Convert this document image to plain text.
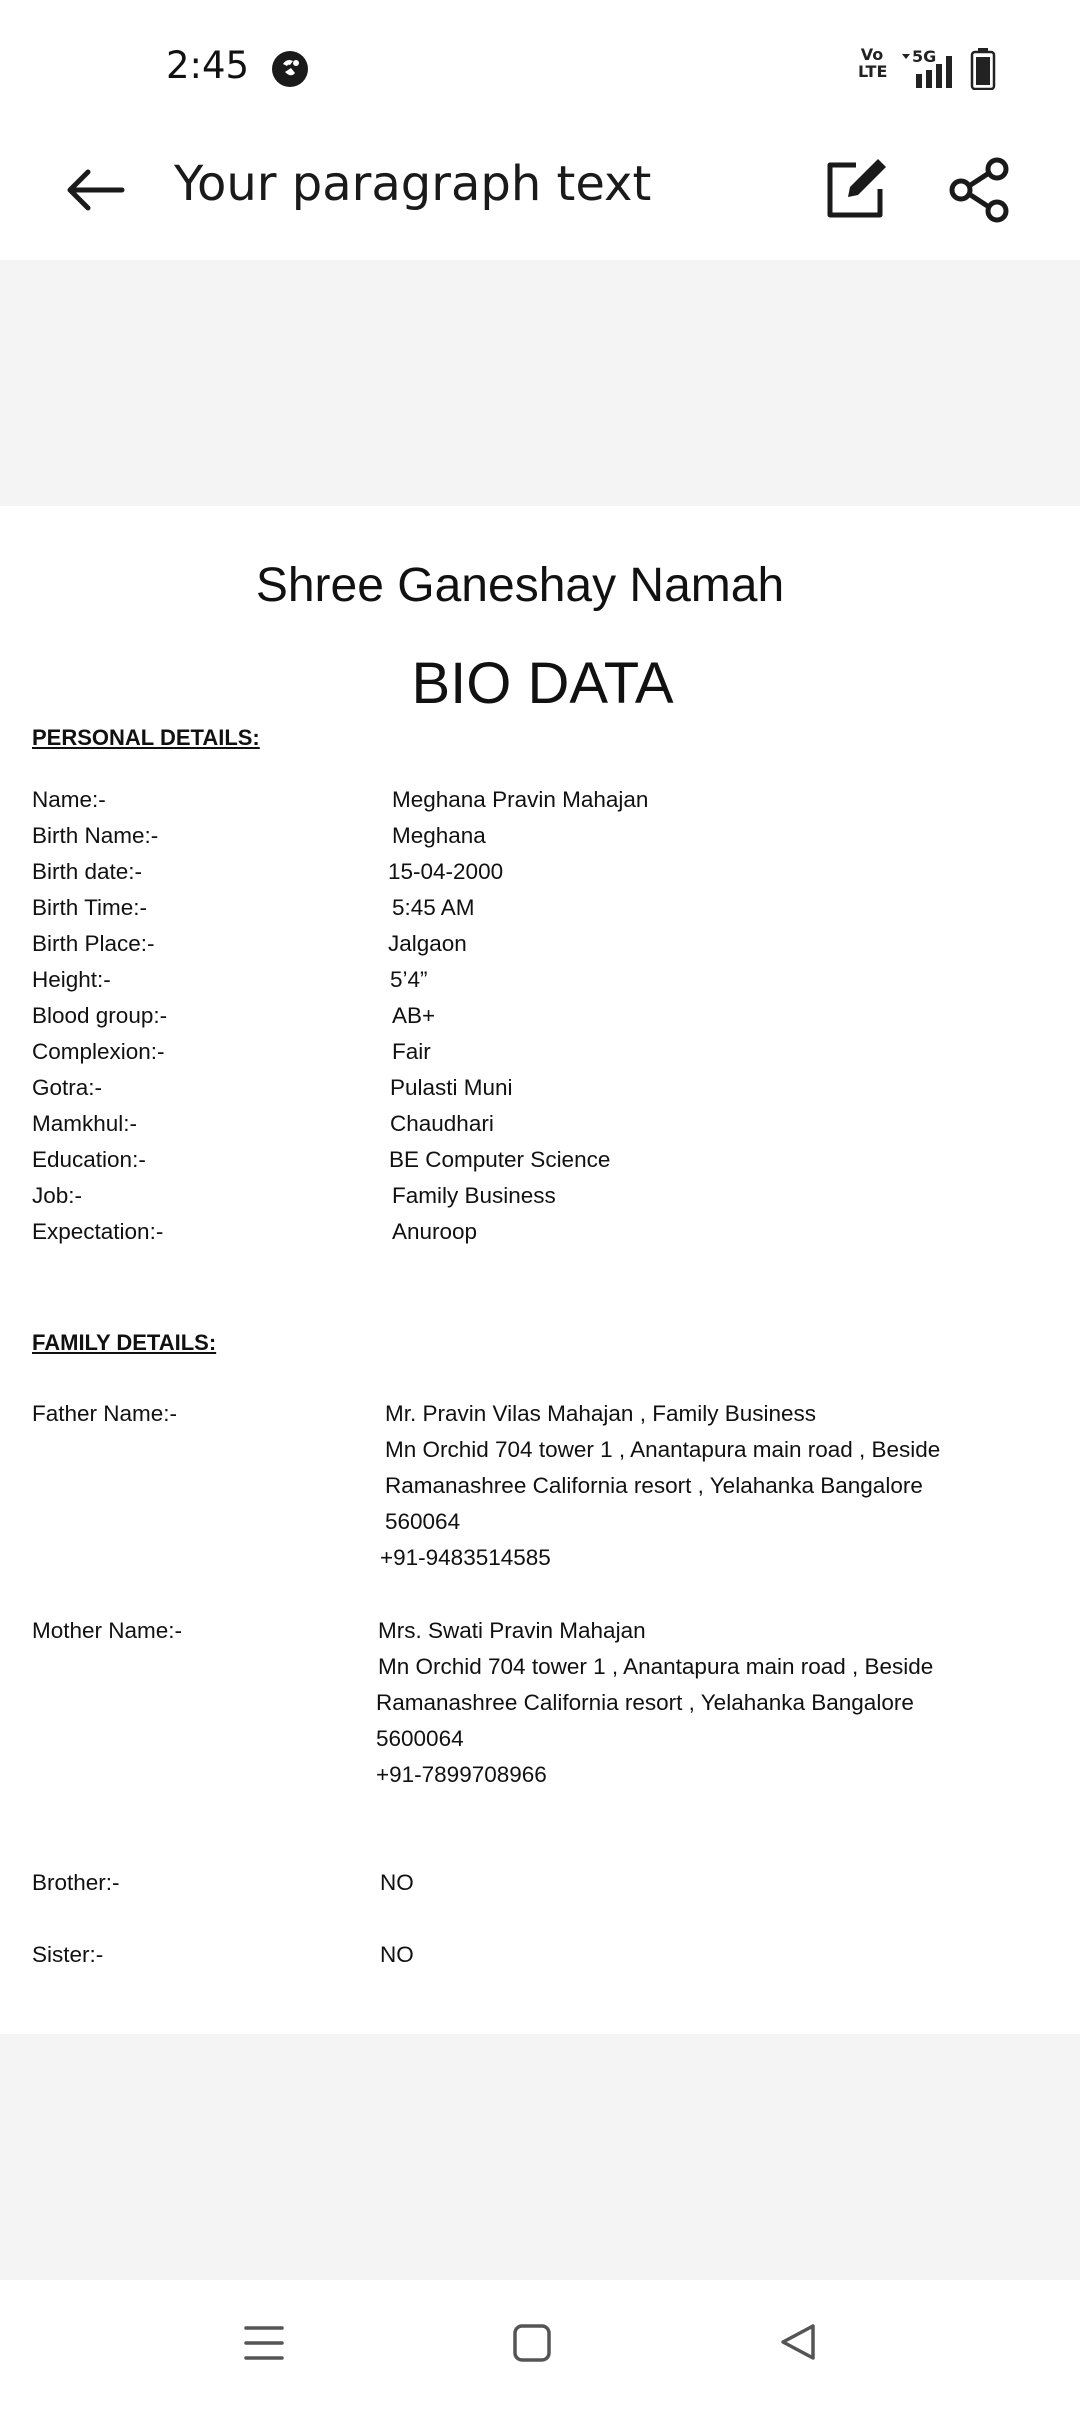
2:45	Vo
LTE
5G
Your paragraph text
Shree Ganeshay Namah
BIO DATA
PERSONAL DETAILS:
Name:-	Meghana Pravin Mahajan
Birth Name:-	Meghana
Birth date:-	15-04-2000
Birth Time:-	5:45 AM
Birth Place:-	Jalgaon
Height:-	5’4”
Blood group:-	AB+
Complexion:-	Fair
Gotra:-	Pulasti Muni
Mamkhul:-	Chaudhari
Education:-	BE Computer Science
Job:-	Family Business
Expectation:-	Anuroop
FAMILY DETAILS:
Father Name:-	Mr. Pravin Vilas Mahajan , Family Business
Mn Orchid 704 tower 1 , Anantapura main road , Beside
Ramanashree California resort , Yelahanka Bangalore
560064
+91-9483514585
Mother Name:-	Mrs. Swati Pravin Mahajan
Mn Orchid 704 tower 1 , Anantapura main road , Beside
Ramanashree California resort , Yelahanka Bangalore
5600064
+91-7899708966
Brother:-	NO
Sister:-	NO
